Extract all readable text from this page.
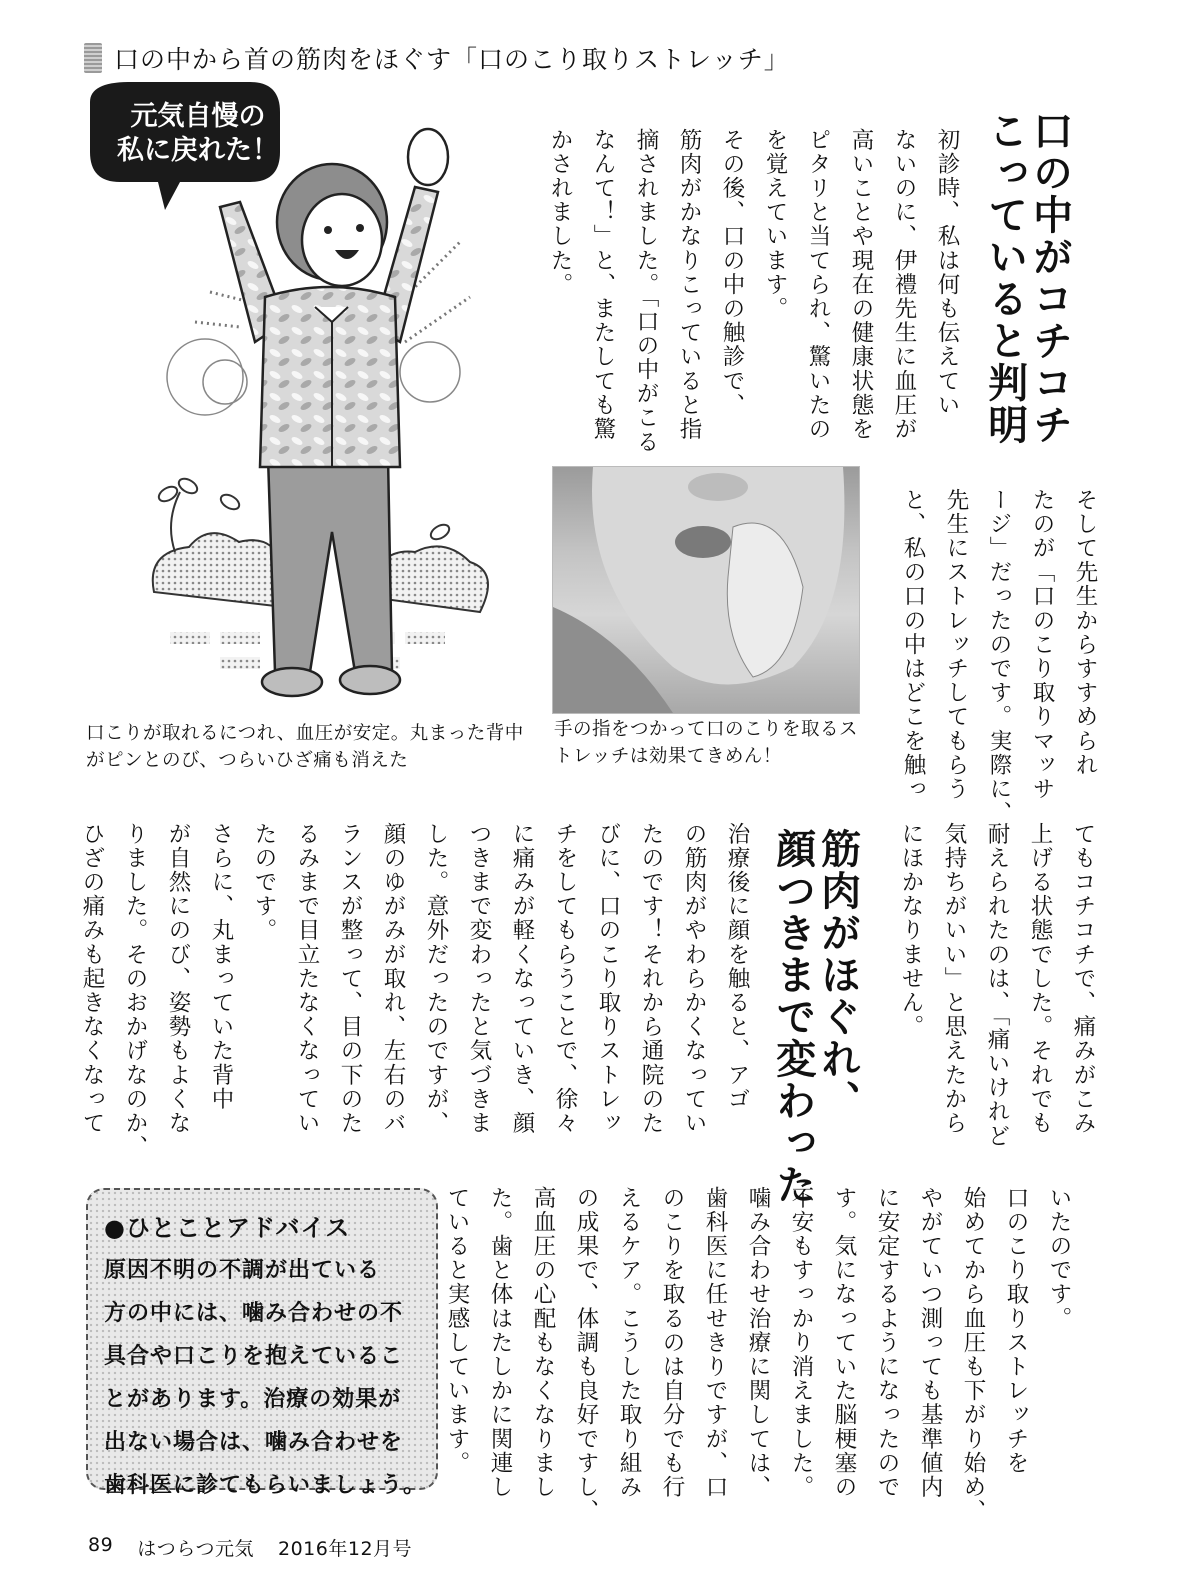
口の中から首の筋肉をほぐす「口のこり取りストレッチ」
元気自慢の
私に戻れた！
口こりが取れるにつれ、血圧が安定。丸まった背中がピンとのび、つらいひざ痛も消えた
口の中がコチコチ
こっていると判明
初診時、私は何も伝えてい
ないのに、伊禮先生に血圧が
高いことや現在の健康状態を
ピタリと当てられ、驚いたの
を覚えています。
その後、口の中の触診で、
筋肉がかなりこっていると指
摘されました。「口の中がこる
なんて！」と、またしても驚
かされました。
手の指をつかって口のこりを取るストレッチは効果てきめん！	そして先生からすすめられ
たのが「口のこり取りマッサ
ージ」だったのです。実際に、
先生にストレッチしてもらう
と、私の口の中はどこを触っ
てもコチコチで、痛みがこみ
上げる状態でした。それでも
耐えられたのは、「痛いけれど
気持ちがいい」と思えたから
にほかなりません。
筋肉がほぐれ、
顔つきまで変わった
治療後に顔を触ると、アゴ
の筋肉がやわらかくなってい
たのです！それから通院のた
びに、口のこり取りストレッ
チをしてもらうことで、徐々
に痛みが軽くなっていき、顔
つきまで変わったと気づきま
した。意外だったのですが、
顔のゆがみが取れ、左右のバ
ランスが整って、目の下のた
るみまで目立たなくなってい
たのです。
さらに、丸まっていた背中
が自然にのび、姿勢もよくな
りました。そのおかげなのか、
ひざの痛みも起きなくなって
いたのです。
口のこり取りストレッチを
始めてから血圧も下がり始め、
やがていつ測っても基準値内
に安定するようになったので
す。気になっていた脳梗塞の
不安もすっかり消えました。
噛み合わせ治療に関しては、
歯科医に任せきりですが、口
のこりを取るのは自分でも行
えるケア。こうした取り組み
の成果で、体調も良好ですし、
高血圧の心配もなくなりまし
た。歯と体はたしかに関連し
ていると実感しています。
●ひとことアドバイス
原因不明の不調が出ている
方の中には、噛み合わせの不
具合や口こりを抱えているこ
とがあります。治療の効果が
出ない場合は、噛み合わせを
歯科医に診てもらいましょう。
89 はつらつ元気 2016年12月号
